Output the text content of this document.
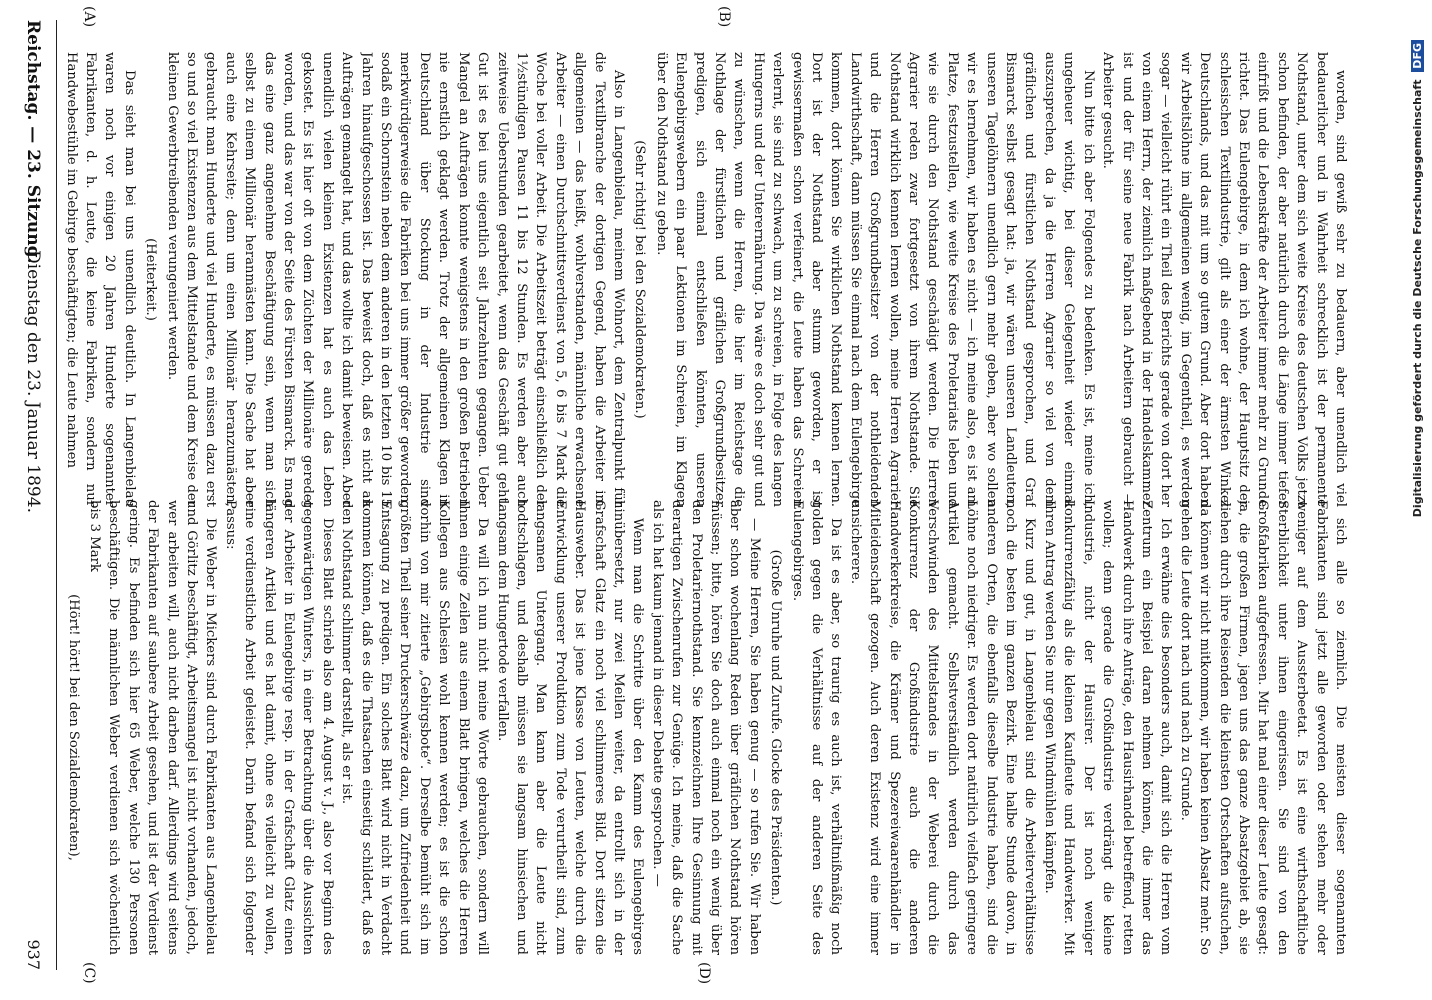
Digitalisierung gefördert durch die Deutsche Forschungsgemeinschaft DFG
Reichstag. — 23. Sitzung.
Dienstag den 23. Januar 1894.
937
(A)	(B)
(C)	(D)

worden, sind gewiß sehr zu bedauern, aber unendlich viel bedauerlicher und in Wahrheit schrecklich ist der permanente Nothstand, unter dem sich weite Kreise des deutschen Volks jetzt schon befinden, der aber natürlich durch die Länge immer tiefer einfrißt und die Lebenskräfte der Arbeiter immer mehr zu Grunde richtet. Das Eulengebirge, in dem ich wohne, der Hauptsitz der schlesischen Textilindustrie, gilt als einer der ärmsten Winkel Deutschlands, und das mit um so gutem Grund. Aber dort haben wir Arbeitslöhne im allgemeinen wenig, im Gegentheil, es werden sogar — vielleicht rührt ein Theil des Berichts gerade von dort her von einem Herrn, der ziemlich maßgebend in der Handelskammer ist und der für seine neue Fabrik nach Arbeitern gebraucht — Arbeiter gesucht.

Nun bitte ich aber Folgendes zu bedenken. Es ist, meine ich, ungeheuer wichtig, bei dieser Gelegenheit wieder einmal auszusprechen, da ja die Herren Agrarier so viel von dem gräflichen und fürstlichen Nothstand gesprochen, und Graf Bismarck selbst gesagt hat: ja, wir wären unseren Landleuten, unseren Tagelöhnern unendlich gern mehr geben, aber wo sollen wir es hernehmen, wir haben es nicht — ich meine also, es ist am Platze, festzustellen, wie weite Kreise des Proletariats leben und wie sie durch den Nothstand geschädigt werden. Die Herren Agrarier reden zwar fortgesetzt von ihrem Nothstande. Sie Nothstand wirklich kennen lernen wollen, meine Herren Agrarier und die Herren Großgrundbesitzer von der nothleidenden Landwirthschaft, dann müssen Sie einmal nach dem Eulengebirge kommen, dort können Sie wirklichen Nothstand kennen lernen. Dort ist der Nothstand aber stumm geworden, er ist gewissermaßen schon verfeinert, die Leute haben das Schreien verlernt, sie sind zu schwach, um zu schreien, in Folge des langen Hungerns und der Unterernährung. Da wäre es doch sehr gut und zu wünschen, wenn die Herren, die hier im Reichstage die Nothlage der fürstlichen und gräflichen Großgrundbesitzer predigen, sich einmal entschließen könnten, unseren Eulengebirgswebern ein paar Lektionen im Schreien, im Klagen über den Nothstand zu geben.

(Sehr richtig! bei den Sozialdemokraten.)

Also in Langenbielau, meinem Wohnort, dem Zentralpunkt für die Textilbranche der dortigen Gegend, haben die Arbeiter im allgemeinen — das heißt, wohlverstanden, männliche erwachsene Arbeiter — einen Durchschnittsverdienst von 5, 6 bis 7 Mark die Woche bei voller Arbeit. Die Arbeitszeit beträgt einschließlich der 1½stündigen Pausen 11 bis 12 Stunden. Es werden aber auch zeitweise Ueberstunden gearbeitet, wenn das Geschäft gut geht. Gut ist es bei uns eigentlich seit Jahrzehnten gegangen. Ueber Mangel an Aufträgen konnte wenigstens in den großen Betrieben nie ernstlich geklagt werden. Trotz der allgemeinen Klagen in Deutschland über Stockung in der Industrie sind merkwürdigerweise die Fabriken bei uns immer größer geworden, sodaß ein Schornstein neben dem anderen in den letzten 10 bis 15 Jahren hinaufgeschossen ist. Das beweist doch, daß es nicht an Aufträgen gemangelt hat, und das wollte ich damit beweisen. Aber unendlich vielen kleinen Existenzen hat es auch das Leben gekostet. Es ist hier oft von dem Züchten der Millionäre geredet worden, und das war von der Seite des Fürsten Bismarck. Es mag das eine ganz angenehme Beschäftigung sein, wenn man sich selbst zu einem Millionär heranmästen kann. Die Sache hat aber auch eine Kehrseite; denn um einen Millionär heranzumästen, gebraucht man Hunderte und viel Hunderte, es müssen dazu erst so und so viel Existenzen aus dem Mittelstande und dem Kreise der kleinen Gewerbtreibenden verungeniert werden.

(Heiterkeit.)

Das sieht man bei uns unendlich deutlich. In Langenbielau waren noch vor einigen 20 Jahren Hunderte sogenannter Fabrikanten, d. h. Leute, die keine Fabriken, sondern nur Handwebestühle im Gebirge beschäftigten; die Leute nahmen

sich alle so ziemlich. Die meisten dieser sogenannten Fabrikanten sind jetzt alle geworden oder stehen mehr oder weniger auf dem Aussterbeetat. Es ist eine wirthschaftliche Sterblichkeit unter ihnen eingerissen. Sie sind von den Großfabriken aufgefressen. Mir hat mal einer dieser Leute gesagt: ja, die großen Firmen, jagen uns das ganze Absatzgebiet ab, sie ziehen durch ihre Reisenden die kleinsten Ortschaften aufsuchen, da können wir nicht mitkommen, wir haben keinen Absatz mehr. So gehen die Leute dort nach und nach zu Grunde.

Ich erwähne dies besonders auch, damit sich die Herren vom Zentrum ein Beispiel daran nehmen können, die immer das Handwerk durch ihre Anträge, den Hausirhandel betreffend, retten wollen; denn gerade die Großindustrie verdrängt die kleine Industrie, nicht der Hausirer. Der ist noch weniger konkurrenzfähig als die kleinen Kaufleute und Handwerker. Mit Ihren Antrag werden Sie nur gegen Windmühlen kämpfen.

Kurz und gut, in Langenbielau sind die Arbeiterverhältnisse noch die besten im ganzen Bezirk. Eine halbe Stunde davon, in anderen Orten, die ebenfalls dieselbe Industrie haben, sind die Löhne noch niedriger. Es werden dort natürlich vielfach geringere Artikel gemacht. Selbstverständlich werden durch das Verschwinden des Mittelstandes in der Weberei durch die Konkurrenz der Großindustrie auch die anderen Handwerkerkreise, die Krämer und Spezereiwaarenhändler in Mitleidenschaft gezogen. Auch deren Existenz wird eine immer unsicherere.

Da ist es aber, so traurig es auch ist, verhältnißmäßig noch golden gegen die Verhältnisse auf der anderen Seite des Eulengebirges.

(Große Unruhe und Zurufe. Glocke des Präsidenten.)

— Meine Herren, Sie haben genug — so rufen Sie. Wir haben aber schon wochenlang Reden über gräflichen Nothstand hören müssen; bitte, hören Sie doch auch einmal noch ein wenig über den Proletariernothstand. Sie kennzeichnen Ihre Gesinnung mit derartigen Zwischenrufen zur Genüge. Ich meine, daß die Sache als ich hat kaum jemand in dieser Debatte gesprochen. —

Wenn man die Schritte über den Kamm des Eulengebirges hinübersetzt, nur zwei Meilen weiter, da entrollt sich in der Grafschaft Glatz ein noch viel schlimmeres Bild. Dort sitzen die Hausweber. Das ist jene Klasse von Leuten, welche durch die Entwicklung unserer Produktion zum Tode verurtheilt sind, zum langsamen Untergang. Man kann aber die Leute nicht todtschlagen, und deshalb müssen sie langsam hinsiechen und langsam dem Hungertode verfallen.

Da will ich nun nicht meine Worte gebrauchen, sondern will Ihnen einige Zeilen aus einem Blatt bringen, welches die Herren Kollegen aus Schlesien wohl kennen werden; es ist die schon vorhin von mir zitierte „Gebirgsbote“. Derselbe bemüht sich im größten Theil seiner Druckerschwärze dazu, um Zufriedenheit und Entsagung zu predigen. Ein solches Blatt wird nicht in Verdacht kommen können, daß es die Thatsachen einseitig schildert, daß es den Nothstand schlimmer darstellt, als er ist.

Dieses Blatt schrieb also am 4. August v. J., also vor Beginn des gegenwärtigen Winters, in einer Betrachtung über die Aussichten der Arbeiter in Eulengebirge resp. in der Grafschaft Glatz einen längeren Artikel und es hat damit, ohne es vielleicht zu wollen, eine verdienstliche Arbeit geleistet. Darin befand sich folgender Passus:

Die Weber in Mickers sind durch Fabrikanten aus Langenbielau und Görlitz beschäftigt, Arbeitsmangel ist nicht vorhanden, jedoch, wer arbeiten will, auch nicht darben darf. Allerdings wird seitens der Fabrikanten auf saubere Arbeit gesehen, und ist der Verdienst gering. Es befinden sich hier 65 Weber, welche 130 Personen beschäftigen. Die männlichen Weber verdienen sich wöchentlich bis 3 Mark

(Hört! hört! bei den Sozialdemokraten),
